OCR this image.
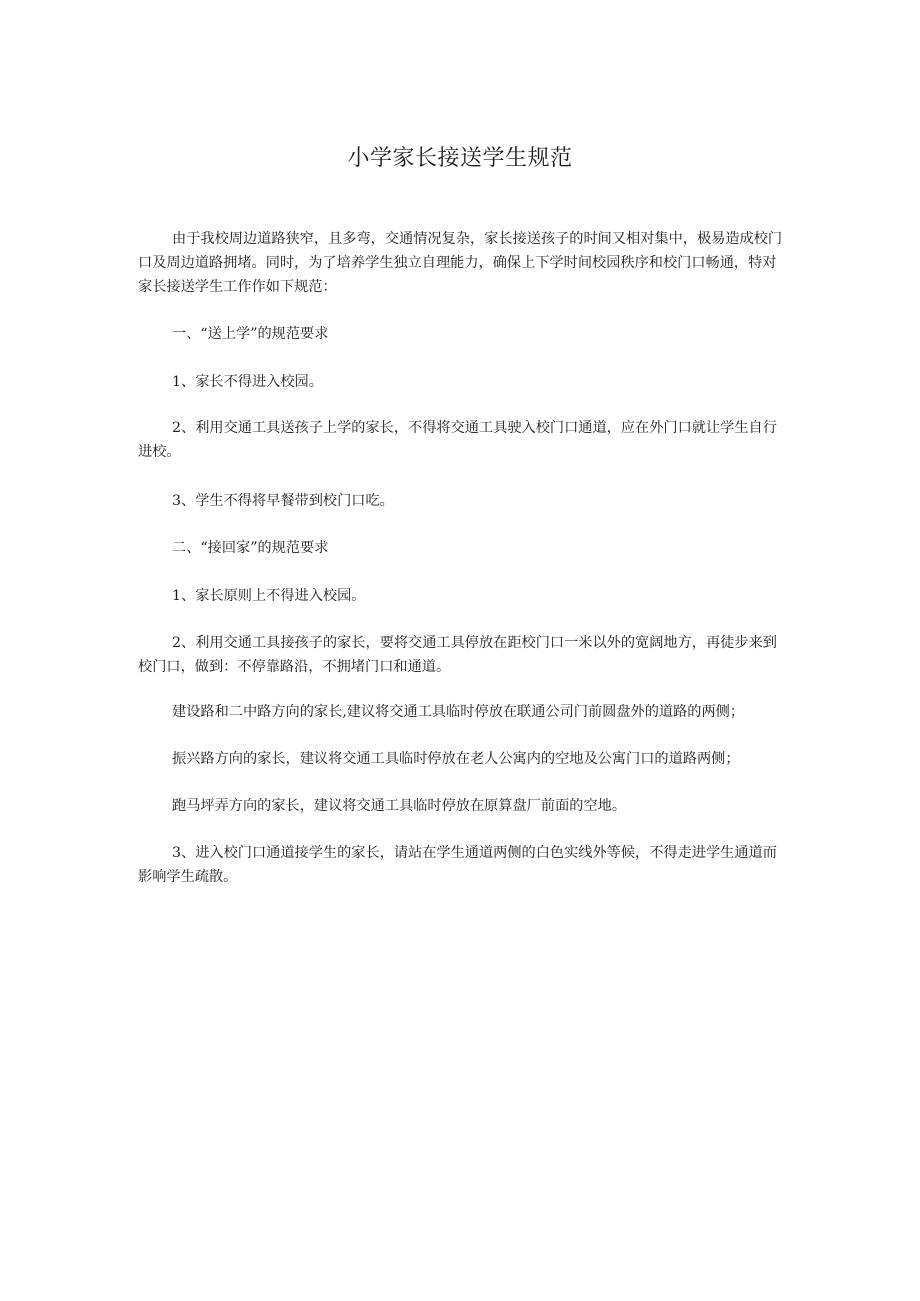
小学家长接送学生规范

由于我校周边道路狭窄，且多弯，交通情况复杂，家长接送孩子的时间又相对集中，极易造成校门口及周边道路拥堵。同时，为了培养学生独立自理能力，确保上下学时间校园秩序和校门口畅通，特对家长接送学生工作作如下规范：

一、“送上学”的规范要求

1、家长不得进入校园。

2、利用交通工具送孩子上学的家长，不得将交通工具驶入校门口通道，应在外门口就让学生自行进校。

3、学生不得将早餐带到校门口吃。

二、“接回家”的规范要求

1、家长原则上不得进入校园。

2、利用交通工具接孩子的家长，要将交通工具停放在距校门口一米以外的宽阔地方，再徒步来到校门口，做到：不停靠路沿，不拥堵门口和通道。

建设路和二中路方向的家长,建议将交通工具临时停放在联通公司门前圆盘外的道路的两侧；

振兴路方向的家长，建议将交通工具临时停放在老人公寓内的空地及公寓门口的道路两侧；

跑马坪弄方向的家长，建议将交通工具临时停放在原算盘厂前面的空地。

3、进入校门口通道接学生的家长，请站在学生通道两侧的白色实线外等候，不得走进学生通道而影响学生疏散。
